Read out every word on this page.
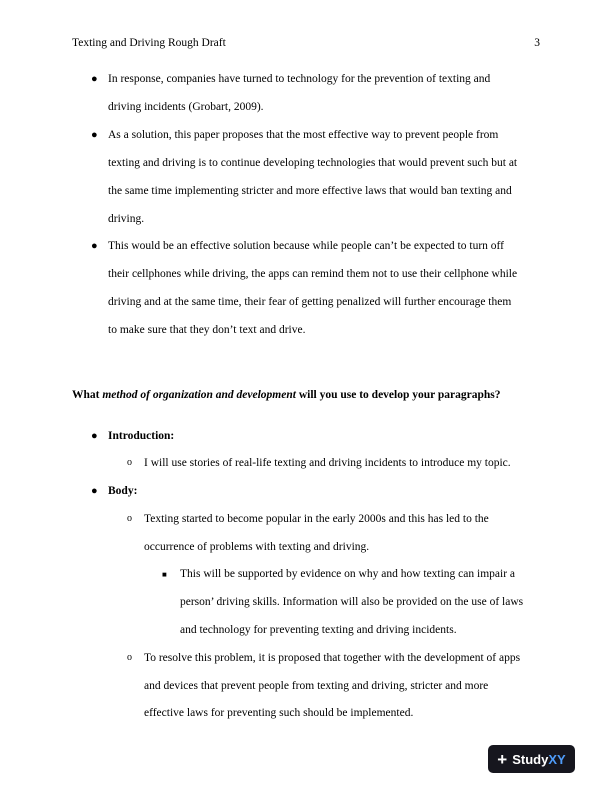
Texting and Driving Rough Draft	3
● In response, companies have turned to technology for the prevention of texting and
driving incidents (Grobart, 2009).
● As a solution, this paper proposes that the most effective way to prevent people from
texting and driving is to continue developing technologies that would prevent such but at
the same time implementing stricter and more effective laws that would ban texting and
driving.
● This would be an effective solution because while people can’t be expected to turn off
their cellphones while driving, the apps can remind them not to use their cellphone while
driving and at the same time, their fear of getting penalized will further encourage them
to make sure that they don’t text and drive.
What method of organization and development will you use to develop your paragraphs?
● Introduction:
o I will use stories of real-life texting and driving incidents to introduce my topic.
● Body:
o Texting started to become popular in the early 2000s and this has led to the
occurrence of problems with texting and driving.
■ This will be supported by evidence on why and how texting can impair a
person’ driving skills. Information will also be provided on the use of laws
and technology for preventing texting and driving incidents.
o To resolve this problem, it is proposed that together with the development of apps
and devices that prevent people from texting and driving, stricter and more
effective laws for preventing such should be implemented.
+ Study XY
